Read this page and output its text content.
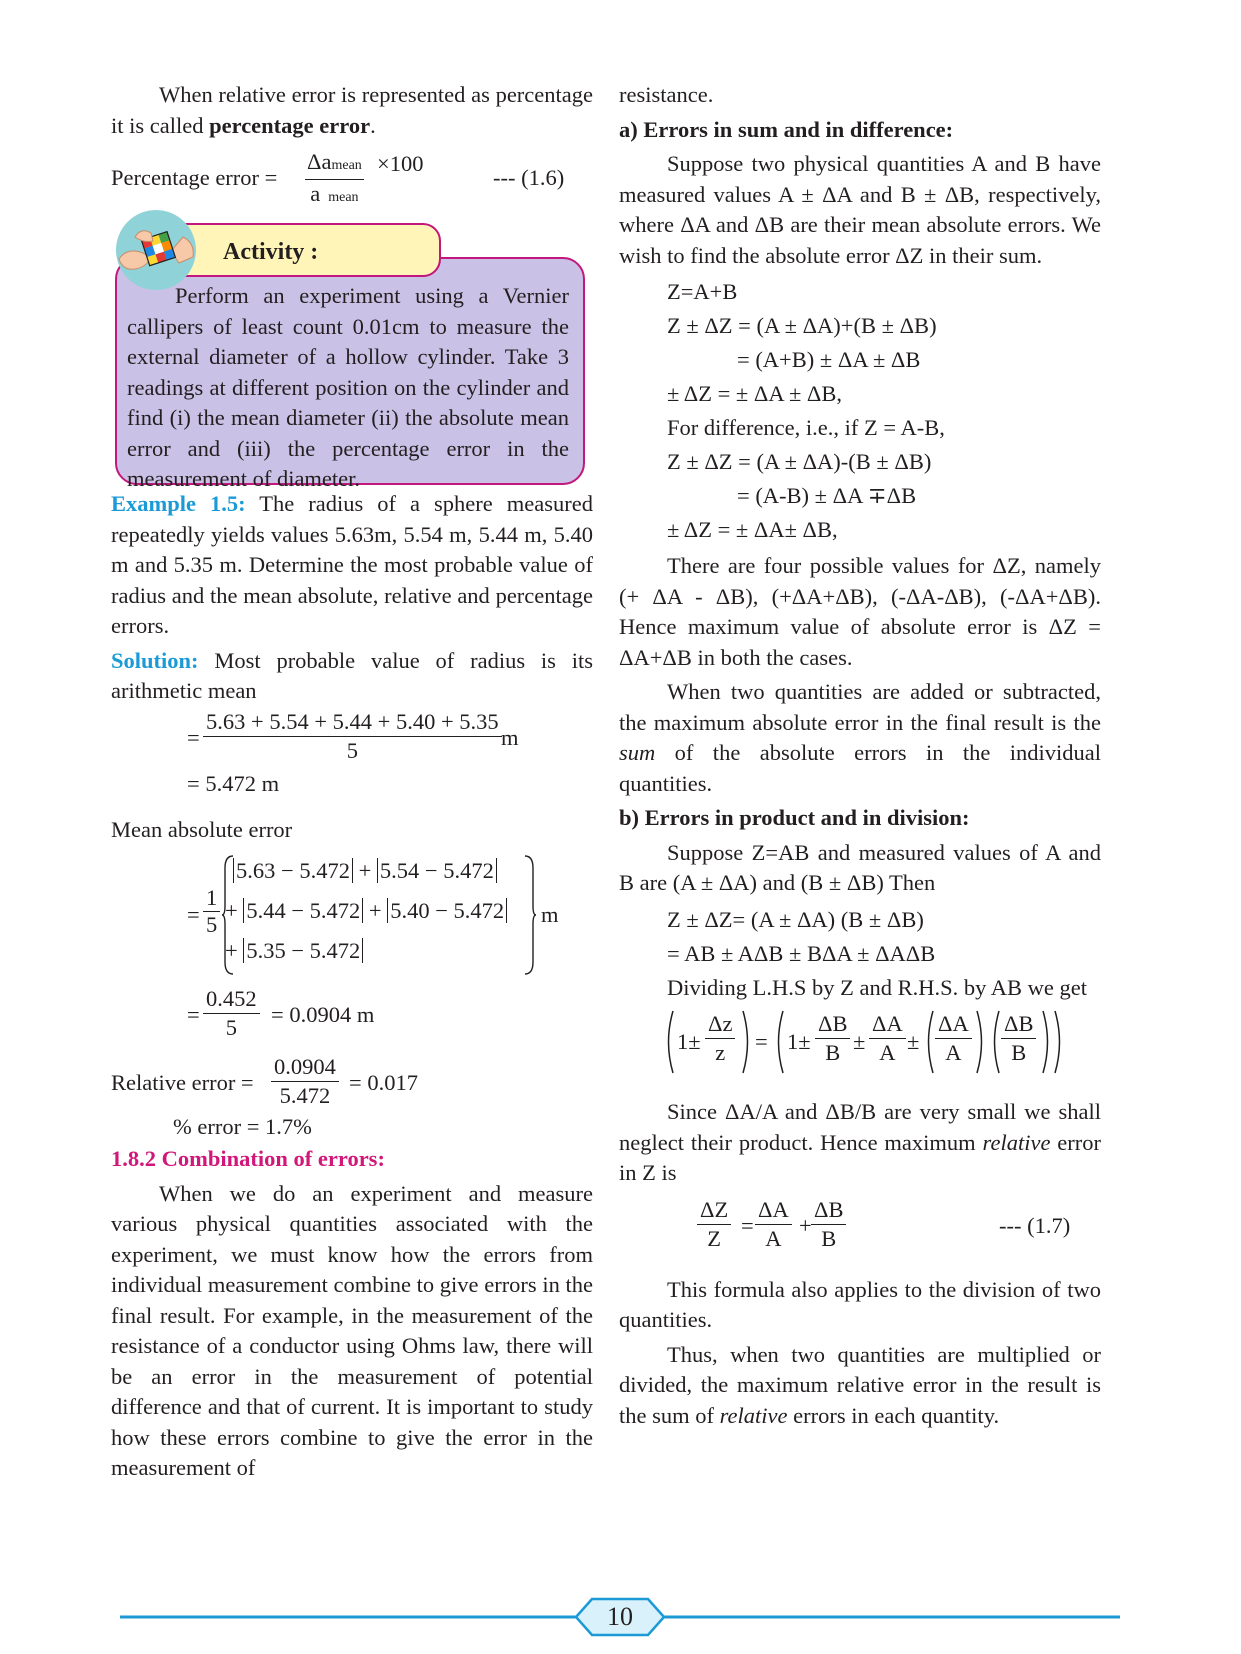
When relative error is represented as percentage it is called percentage error.

Percentage error =
Δamean
amean
×100
--- (1.6)

Perform an experiment using a Vernier callipers of least count 0.01cm to measure the external diameter of a hollow cylinder. Take 3 readings at different position on the cylinder and find (i) the mean diameter (ii) the absolute mean error and (iii) the percentage error in the measurement of diameter.

Activity :

Example 1.5: The radius of a sphere measured repeatedly yields values 5.63m, 5.54 m, 5.44 m, 5.40 m and 5.35 m. Determine the most probable value of radius and the mean absolute, relative and percentage errors.

Solution: Most probable value of radius is its arithmetic mean

= $\frac{5.63 + 5.54 + 5.44 + 5.40 + 5.35}{5}$ m
= 5.472 m

Mean absolute error

= $\frac{1}{5}$
5.63 − 5.472 + 5.54 − 5.472
+ 5.44 − 5.472 + 5.40 − 5.472
+ 5.35 − 5.472
m
= $\frac{0.452}{5} = 0.0904$ m
Relative error = $\frac{0.0904}{5.472} = 0.017$
% error = 1.7%

1.8.2 Combination of errors:

When we do an experiment and measure various physical quantities associated with the experiment, we must know how the errors from individual measurement combine to give errors in the final result. For example, in the measurement of the resistance of a conductor using Ohms law, there will be an error in the measurement of potential difference and that of current. It is important to study how these errors combine to give the error in the measurement of

resistance.

a) Errors in sum and in difference:

Suppose two physical quantities A and B have measured values A ± ΔA and B ± ΔB, respectively, where ΔA and ΔB are their mean absolute errors. We wish to find the absolute error ΔZ in their sum.

Z=A+B
Z ± ΔZ = (A ± ΔA)+(B ± ΔB)
= (A+B) ± ΔA ± ΔB
± ΔZ = ± ΔA ± ΔB,
For difference, i.e., if Z = A-B,
Z ± ΔZ = (A ± ΔA)-(B ± ΔB)
= (A-B) ± ΔA ∓ΔB
± ΔZ = ± ΔA± ΔB,

There are four possible values for ΔZ, namely (+ ΔA - ΔB), (+ΔA+ΔB), (-ΔA-ΔB), (-ΔA+ΔB). Hence maximum value of absolute error is ΔZ = ΔA+ΔB in both the cases.

When two quantities are added or subtracted, the maximum absolute error in the final result is the sum of the absolute errors in the individual quantities.

b) Errors in product and in division:

Suppose Z=AB and measured values of A and B are (A ± ΔA) and (B ± ΔB) Then

Z ± ΔZ= (A ± ΔA) (B ± ΔB)
= AB ± AΔB ± BΔA ± ΔAΔB

Dividing L.H.S by Z and R.H.S. by AB we get

$1\pm \frac{\Delta z}{z} = 1\pm \frac{\Delta B}{B} \pm \frac{\Delta A}{A} \pm \frac{\Delta A}{A} \frac{\Delta B}{B}$

Since ΔA/A and ΔB/B are very small we shall neglect their product. Hence maximum relative error in Z is

$\frac{\Delta Z}{Z} = \frac{\Delta A}{A} + \frac{\Delta B}{B}$	--- (1.7)

This formula also applies to the division of two quantities.

Thus, when two quantities are multiplied or divided, the maximum relative error in the result is the sum of relative errors in each quantity.

10
